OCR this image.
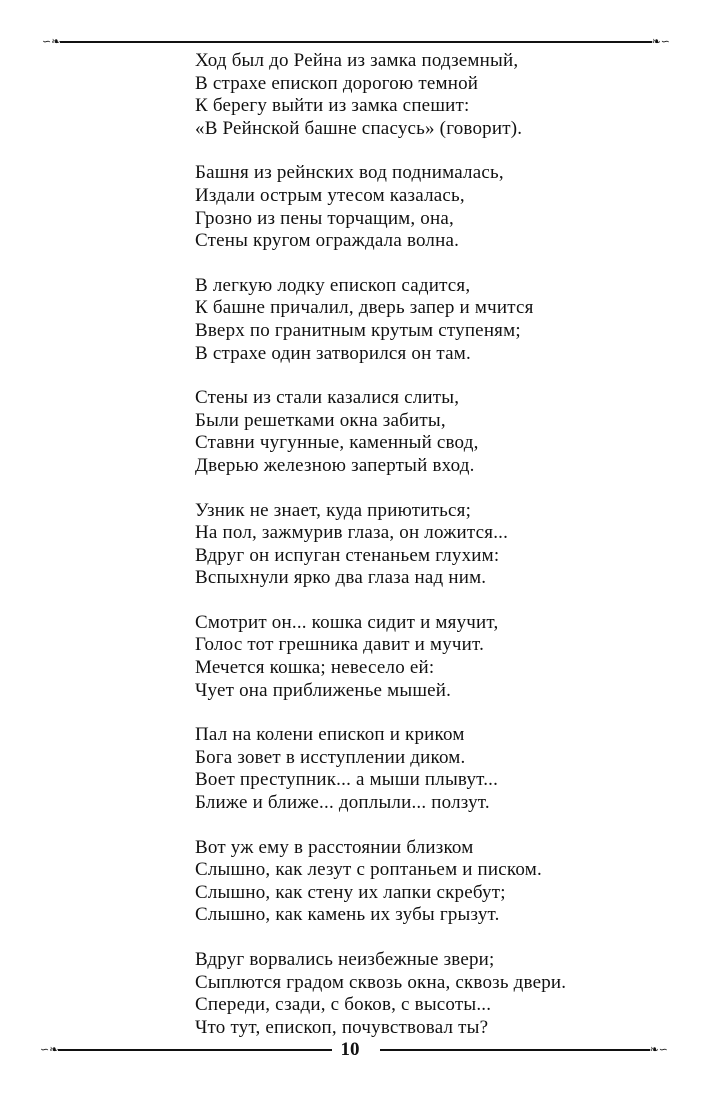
∽❧	❧∽
Ход был до Рейна из замка подземный,
В страхе епископ дорогою темной
К берегу выйти из замка спешит:
«В Рейнской башне спасусь» (говорит).
Башня из рейнских вод поднималась,
Издали острым утесом казалась,
Грозно из пены торчащим, она,
Стены кругом ограждала волна.
В легкую лодку епископ садится,
К башне причалил, дверь запер и мчится
Вверх по гранитным крутым ступеням;
В страхе один затворился он там.
Стены из стали казалися слиты,
Были решетками окна забиты,
Ставни чугунные, каменный свод,
Дверью железною запертый вход.
Узник не знает, куда приютиться;
На пол, зажмурив глаза, он ложится...
Вдруг он испуган стенаньем глухим:
Вспыхнули ярко два глаза над ним.
Смотрит он... кошка сидит и мяучит,
Голос тот грешника давит и мучит.
Мечется кошка; невесело ей:
Чует она приближенье мышей.
Пал на колени епископ и криком
Бога зовет в исступлении диком.
Воет преступник... а мыши плывут...
Ближе и ближе... доплыли... ползут.
Вот уж ему в расстоянии близком
Слышно, как лезут с роптаньем и писком.
Слышно, как стену их лапки скребут;
Слышно, как камень их зубы грызут.
Вдруг ворвались неизбежные звери;
Сыплются градом сквозь окна, сквозь двери.
Спереди, сзади, с боков, с высоты...
Что тут, епископ, почувствовал ты?
∽❧	❧∽
10
